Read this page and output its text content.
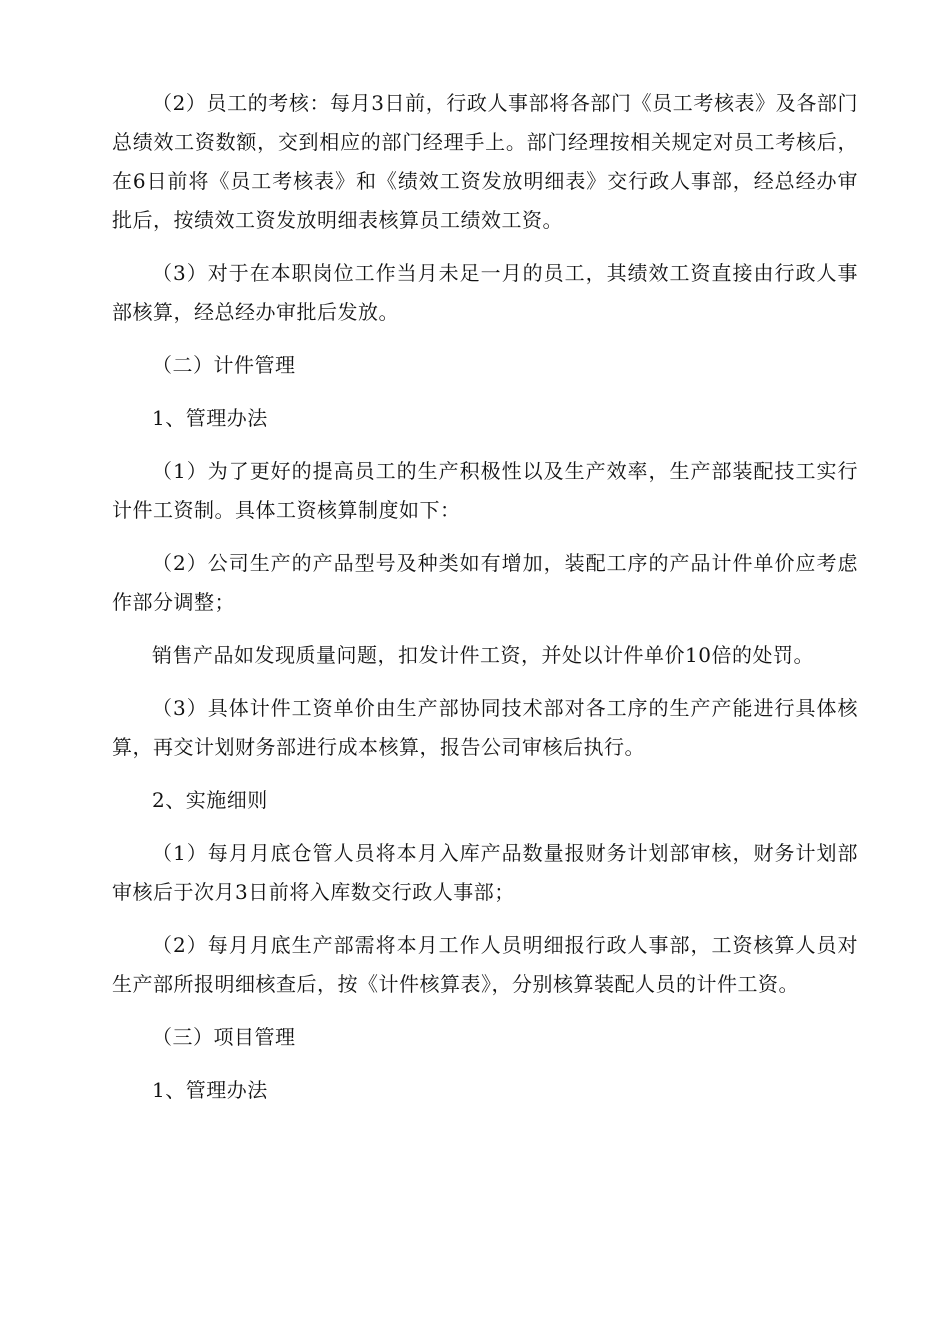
（2）员工的考核：每月3日前，行政人事部将各部门《员工考核表》及各部门总绩效工资数额，交到相应的部门经理手上。部门经理按相关规定对员工考核后，在6日前将《员工考核表》和《绩效工资发放明细表》交行政人事部，经总经办审批后，按绩效工资发放明细表核算员工绩效工资。

（3）对于在本职岗位工作当月未足一月的员工，其绩效工资直接由行政人事部核算，经总经办审批后发放。

（二）计件管理

1、管理办法

（1）为了更好的提高员工的生产积极性以及生产效率，生产部装配技工实行计件工资制。具体工资核算制度如下：

（2）公司生产的产品型号及种类如有增加，装配工序的产品计件单价应考虑作部分调整；

销售产品如发现质量问题，扣发计件工资，并处以计件单价10倍的处罚。

（3）具体计件工资单价由生产部协同技术部对各工序的生产产能进行具体核算，再交计划财务部进行成本核算，报告公司审核后执行。

2、实施细则

（1）每月月底仓管人员将本月入库产品数量报财务计划部审核，财务计划部审核后于次月3日前将入库数交行政人事部；

（2）每月月底生产部需将本月工作人员明细报行政人事部，工资核算人员对生产部所报明细核查后，按《计件核算表》，分别核算装配人员的计件工资。

（三）项目管理

1、管理办法
